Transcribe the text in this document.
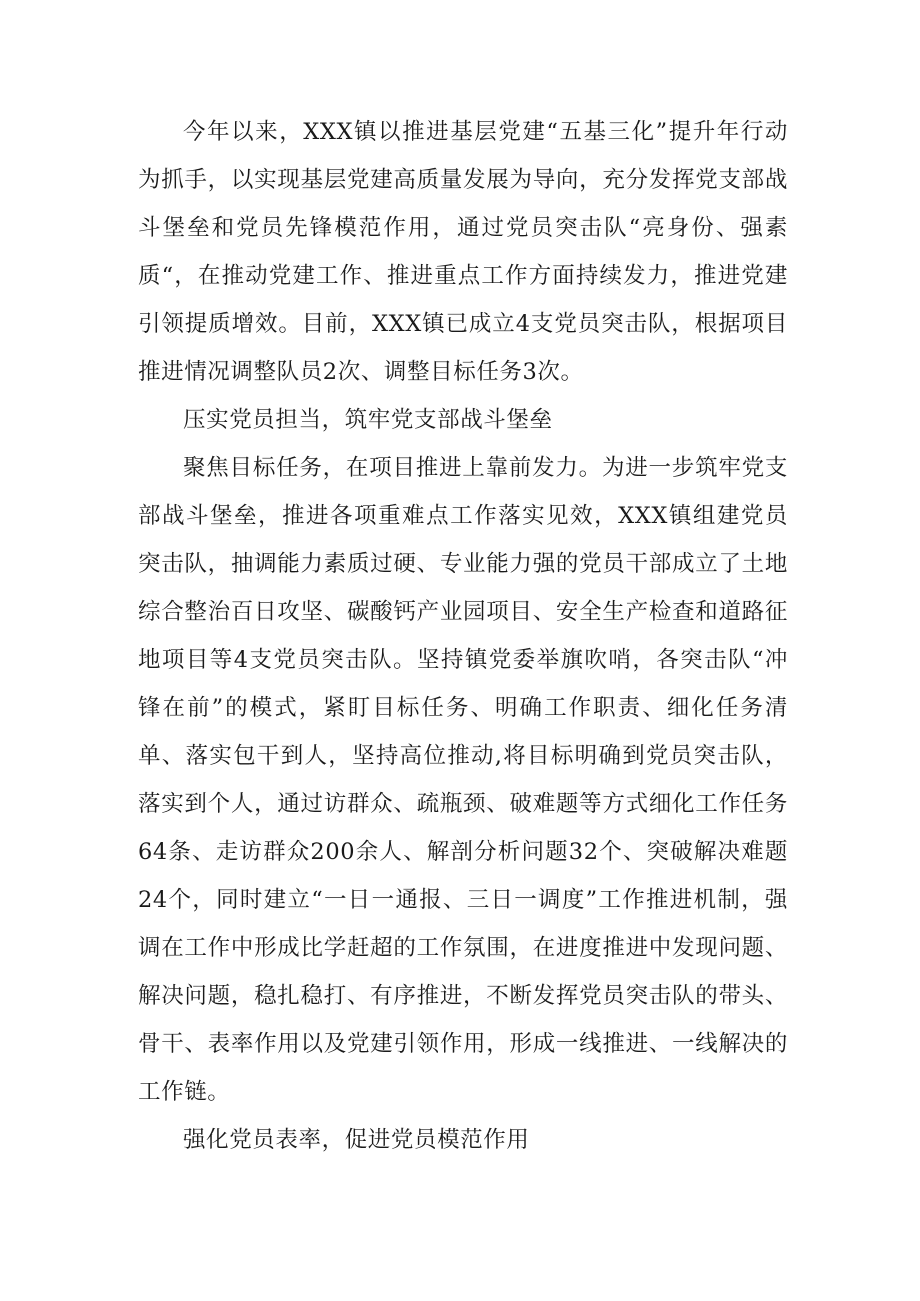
今年以来，XXX镇以推进基层党建“五基三化”提升年行动为抓手，以实现基层党建高质量发展为导向，充分发挥党支部战斗堡垒和党员先锋模范作用，通过党员突击队“亮身份、强素质“，在推动党建工作、推进重点工作方面持续发力，推进党建引领提质增效。目前，XXX镇已成立4支党员突击队，根据项目推进情况调整队员2次、调整目标任务3次。

压实党员担当，筑牢党支部战斗堡垒

聚焦目标任务，在项目推进上靠前发力。为进一步筑牢党支部战斗堡垒，推进各项重难点工作落实见效，XXX镇组建党员突击队，抽调能力素质过硬、专业能力强的党员干部成立了土地综合整治百日攻坚、碳酸钙产业园项目、安全生产检查和道路征地项目等4支党员突击队。坚持镇党委举旗吹哨，各突击队“冲锋在前”的模式，紧盯目标任务、明确工作职责、细化任务清单、落实包干到人，坚持高位推动,将目标明确到党员突击队，落实到个人，通过访群众、疏瓶颈、破难题等方式细化工作任务64条、走访群众200余人、解剖分析问题32个、突破解决难题24个，同时建立“一日一通报、三日一调度”工作推进机制，强调在工作中形成比学赶超的工作氛围，在进度推进中发现问题、解决问题，稳扎稳打、有序推进，不断发挥党员突击队的带头、骨干、表率作用以及党建引领作用，形成一线推进、一线解决的工作链。

强化党员表率，促进党员模范作用
